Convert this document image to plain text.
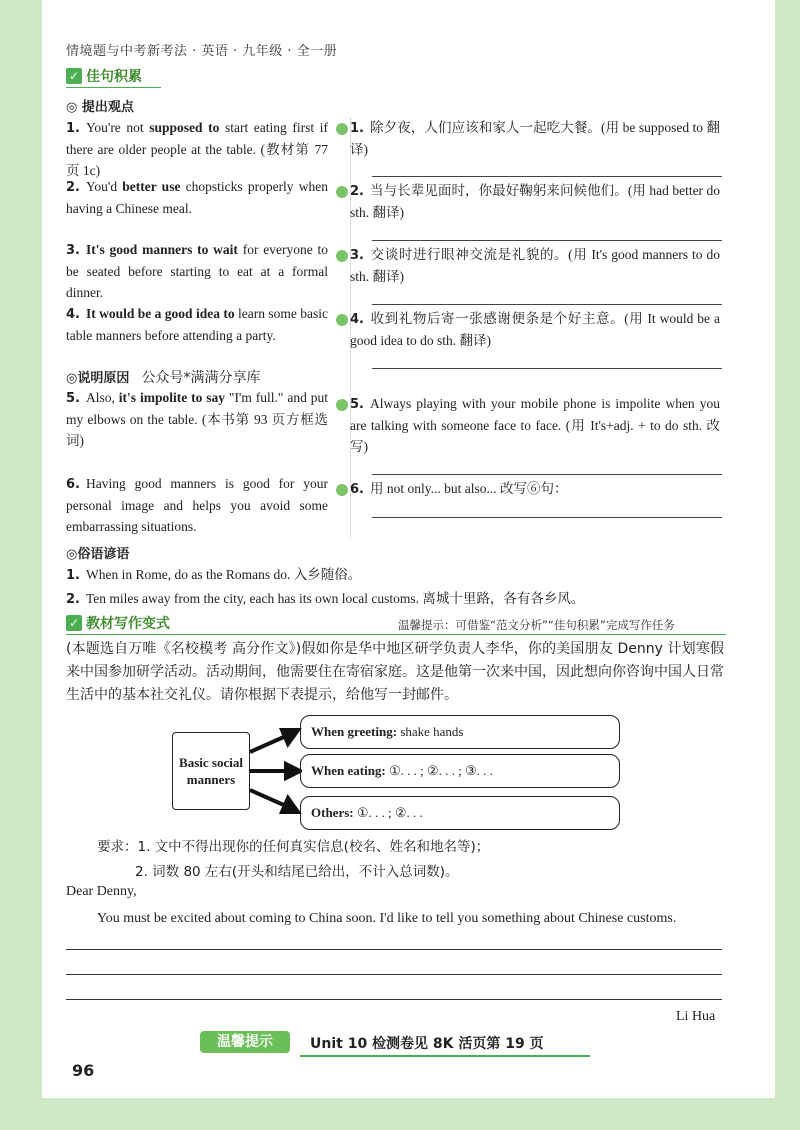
情境题与中考新考法 · 英语 · 九年级 · 全一册
✓ 佳句积累
◎ 提出观点
1. You're not supposed to start eating first if there are older people at the table. (教材第 77 页 1c)
2. You'd better use chopsticks properly when having a Chinese meal.
3. It's good manners to wait for everyone to be seated before starting to eat at a formal dinner.
4. It would be a good idea to learn some basic table manners before attending a party.
◎说明原因 公众号*满满分享库
5. Also, it's impolite to say "I'm full." and put my elbows on the table. (本书第 93 页方框选词)
6. Having good manners is good for your personal image and helps you avoid some embarrassing situations.
1. 除夕夜，人们应该和家人一起吃大餐。(用 be supposed to 翻译)
2. 当与长辈见面时，你最好鞠躬来问候他们。(用 had better do sth. 翻译)
3. 交谈时进行眼神交流是礼貌的。(用 It's good manners to do sth. 翻译)
4. 收到礼物后寄一张感谢便条是个好主意。(用 It would be a good idea to do sth. 翻译)
5. Always playing with your mobile phone is impolite when you are talking with someone face to face. (用 It's+adj. + to do sth. 改写)
6. 用 not only... but also... 改写⑥句：
◎俗语谚语
1. When in Rome, do as the Romans do. 入乡随俗。
2. Ten miles away from the city, each has its own local customs. 离城十里路，各有各乡风。
✓ 教材写作变式	温馨提示：可借鉴“范文分析”“佳句积累”完成写作任务
(本题选自万唯《名校模考 高分作文》)假如你是华中地区研学负责人李华，你的美国朋友 Denny 计划寒假来中国参加研学活动。活动期间，他需要住在寄宿家庭。这是他第一次来中国，因此想向你咨询中国人日常生活中的基本社交礼仪。请你根据下表提示，给他写一封邮件。
Basic social manners
When greeting:
shake hands
When eating:
①. . . ; ②. . . ; ③. . .
Others:
①. . . ; ②. . .
要求：1. 文中不得出现你的任何真实信息(校名、姓名和地名等)；
2. 词数 80 左右(开头和结尾已给出，不计入总词数)。
Dear Denny,
You must be excited about coming to China soon. I'd like to tell you something about Chinese customs.
Li Hua
温馨提示	Unit 10 检测卷见 8K 活页第 19 页
96
